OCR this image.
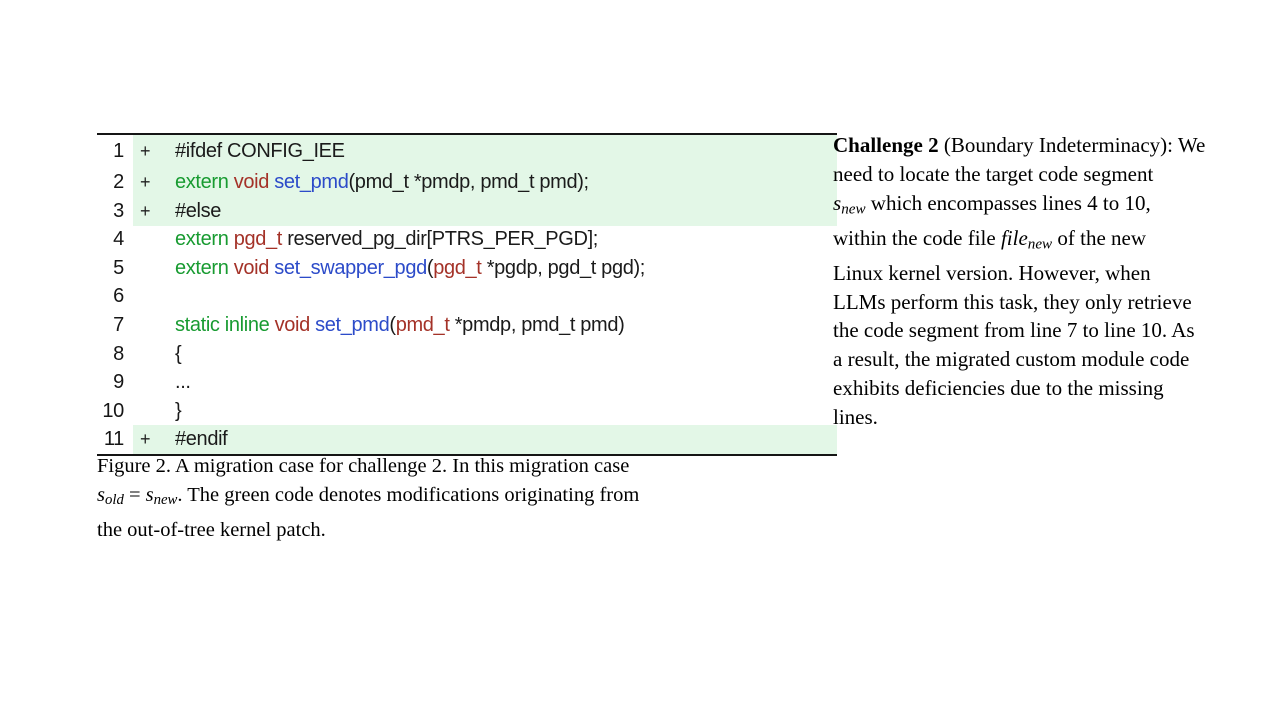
1 +	#ifdef CONFIG_IEE
2 +	extern void set_pmd(pmd_t *pmdp, pmd_t pmd);
3 +	#else
4	extern pgd_t reserved_pg_dir[PTRS_PER_PGD];
5	extern void set_swapper_pgd(pgd_t *pgdp, pgd_t pgd);
6
7	static inline void set_pmd(pmd_t *pmdp, pmd_t pmd)
8	{
9	...
10	}
11 +	#endif

Figure 2. A migration case for challenge 2. In this migration case
sold = snew. The green code denotes modifications originating from
the out-of-tree kernel patch.

Challenge 2 (Boundary Indeterminacy): We
need to locate the target code segment
snew which encompasses lines 4 to 10,
within the code file filenew of the new
Linux kernel version. However, when
LLMs perform this task, they only retrieve
the code segment from line 7 to line 10. As
a result, the migrated custom module code
exhibits deficiencies due to the missing
lines.
